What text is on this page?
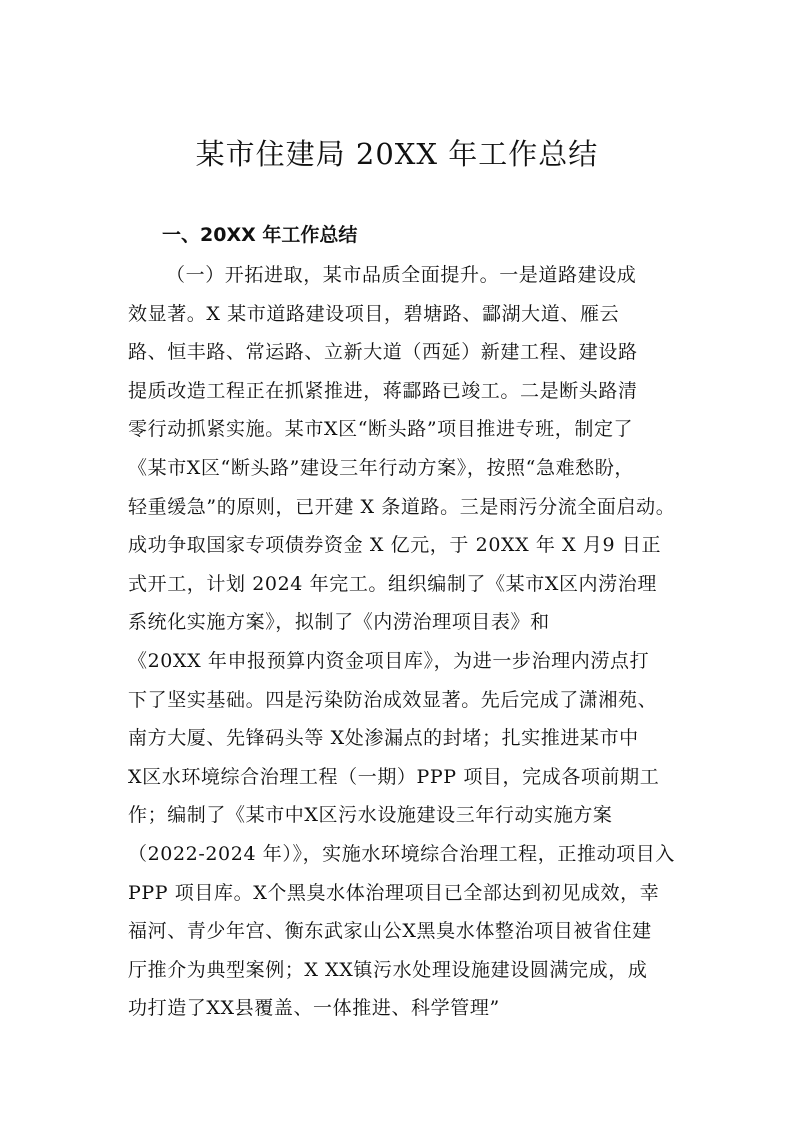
某市住建局 20XX 年工作总结
一、20XX 年工作总结
（一）开拓进取，某市品质全面提升。一是道路建设成
效显著。X 某市道路建设项目，碧塘路、酃湖大道、雁云
路、恒丰路、常运路、立新大道（西延）新建工程、建设路
提质改造工程正在抓紧推进，蒋酃路已竣工。二是断头路清
零行动抓紧实施。某市X区“断头路”项目推进专班，制定了
《某市X区“断头路”建设三年行动方案》，按照“急难愁盼，
轻重缓急”的原则，已开建 X 条道路。三是雨污分流全面启动。
成功争取国家专项债券资金 X 亿元，于 20XX 年 X 月9 日正
式开工，计划 2024 年完工。组织编制了《某市X区内涝治理
系统化实施方案》，拟制了《内涝治理项目表》和
《20XX 年申报预算内资金项目库》，为进一步治理内涝点打
下了坚实基础。四是污染防治成效显著。先后完成了潇湘苑、
南方大厦、先锋码头等 X处渗漏点的封堵；扎实推进某市中
X区水环境综合治理工程（一期）PPP 项目，完成各项前期工
作；编制了《某市中X区污水设施建设三年行动实施方案
（2022-2024 年）》，实施水环境综合治理工程，正推动项目入
PPP 项目库。X个黑臭水体治理项目已全部达到初见成效，幸
福河、青少年宫、衡东武家山公X黑臭水体整治项目被省住建
厅推介为典型案例；X XX镇污水处理设施建设圆满完成，成
功打造了XX县覆盖、一体推进、科学管理”
